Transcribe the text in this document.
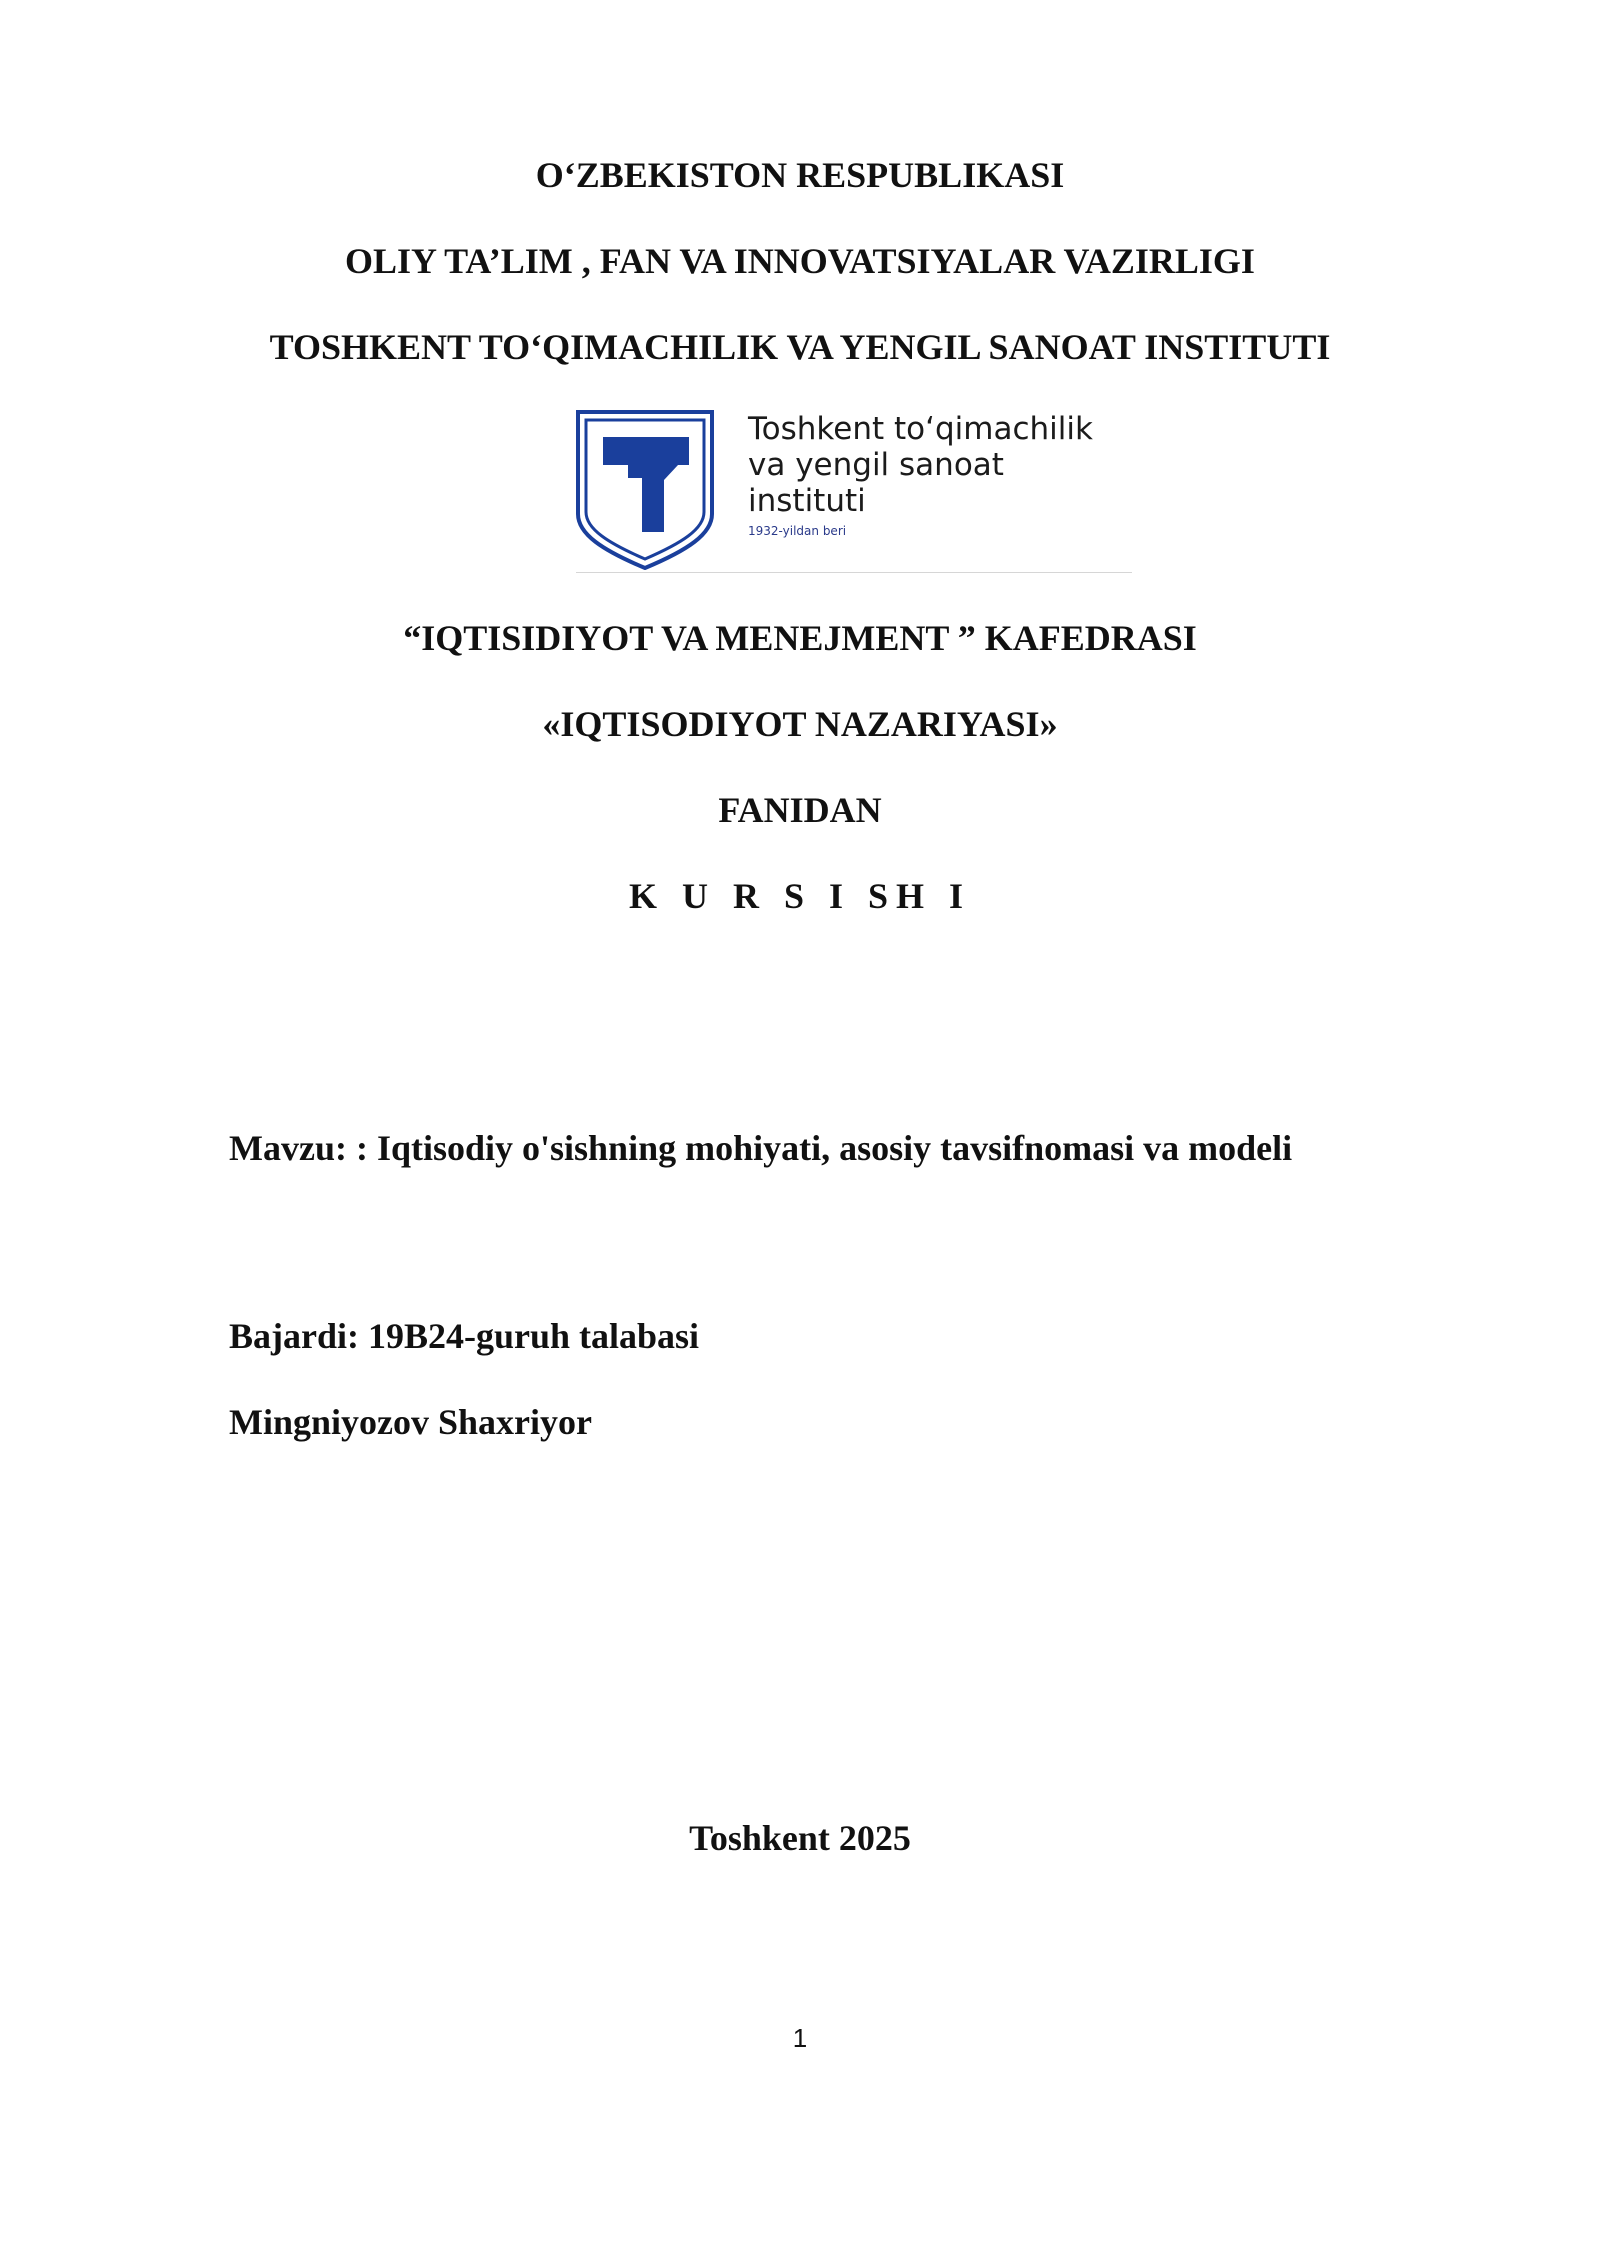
O‘ZBEKISTON RESPUBLIKASI
OLIY TA’LIM , FAN VA INNOVATSIYALAR VAZIRLIGI
TOSHKENT TO‘QIMACHILIK VA YENGIL SANOAT INSTITUTI
Toshkent to‘qimachilik
va yengil sanoat
instituti
1932-yildan beri
“IQTISIDIYOT VA MENEJMENT ” KAFEDRASI
«IQTISODIYOT NAZARIYASI»
FANIDAN
K U R S I SH I
Mavzu: : Iqtisodiy o'sishning mohiyati, asosiy tavsifnomasi va modeli
Bajardi: 19B24-guruh talabasi
Mingniyozov Shaxriyor
Toshkent 2025
1
